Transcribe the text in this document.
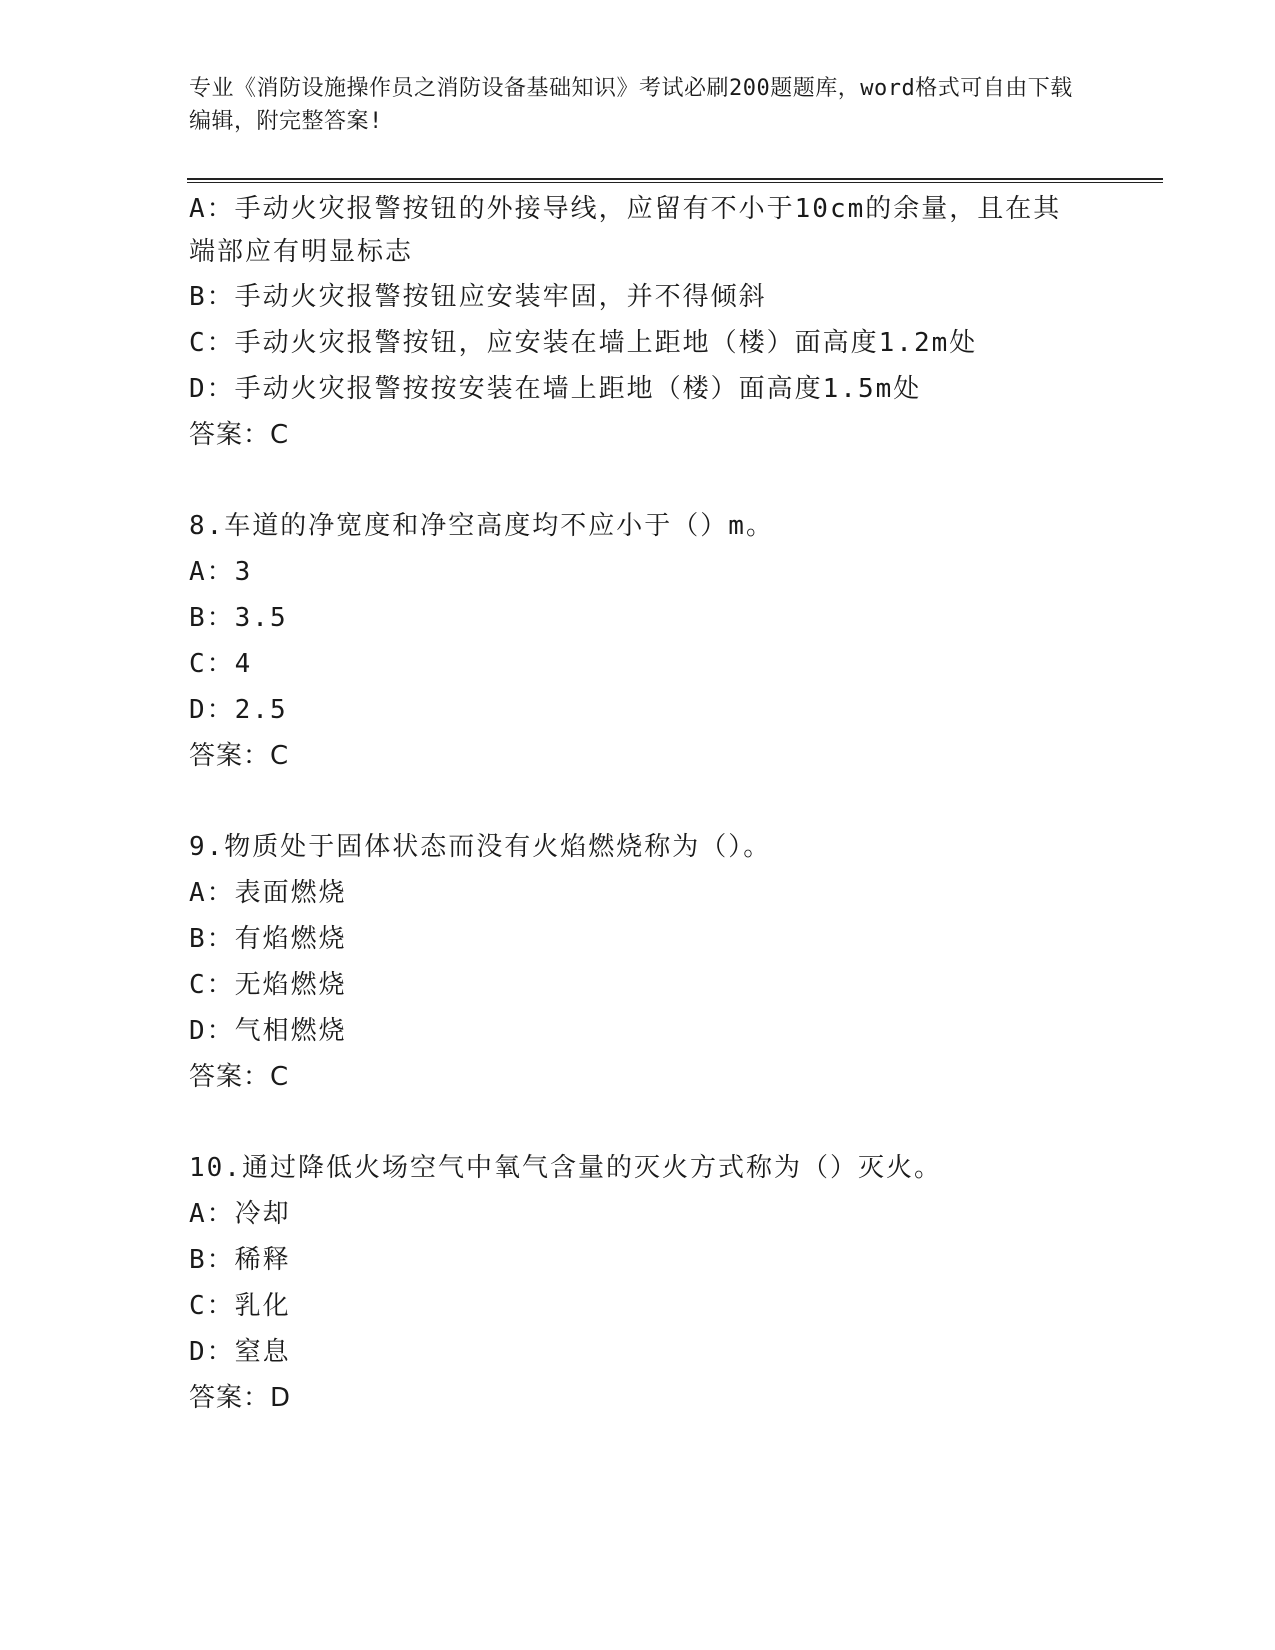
专业《消防设施操作员之消防设备基础知识》考试必刷200题题库，word格式可自由下载编辑，附完整答案!
A：手动火灾报警按钮的外接导线，应留有不小于10cm的余量，且在其端部应有明显标志
B：手动火灾报警按钮应安装牢固，并不得倾斜
C：手动火灾报警按钮，应安装在墙上距地（楼）面高度1.2m处
D：手动火灾报警按按安装在墙上距地（楼）面高度1.5m处
答案：C
8.车道的净宽度和净空高度均不应小于（）m。
A：3
B：3.5
C：4
D：2.5
答案：C
9.物质处于固体状态而没有火焰燃烧称为（）。
A：表面燃烧
B：有焰燃烧
C：无焰燃烧
D：气相燃烧
答案：C
10.通过降低火场空气中氧气含量的灭火方式称为（）灭火。
A：冷却
B：稀释
C：乳化
D：窒息
答案：D
